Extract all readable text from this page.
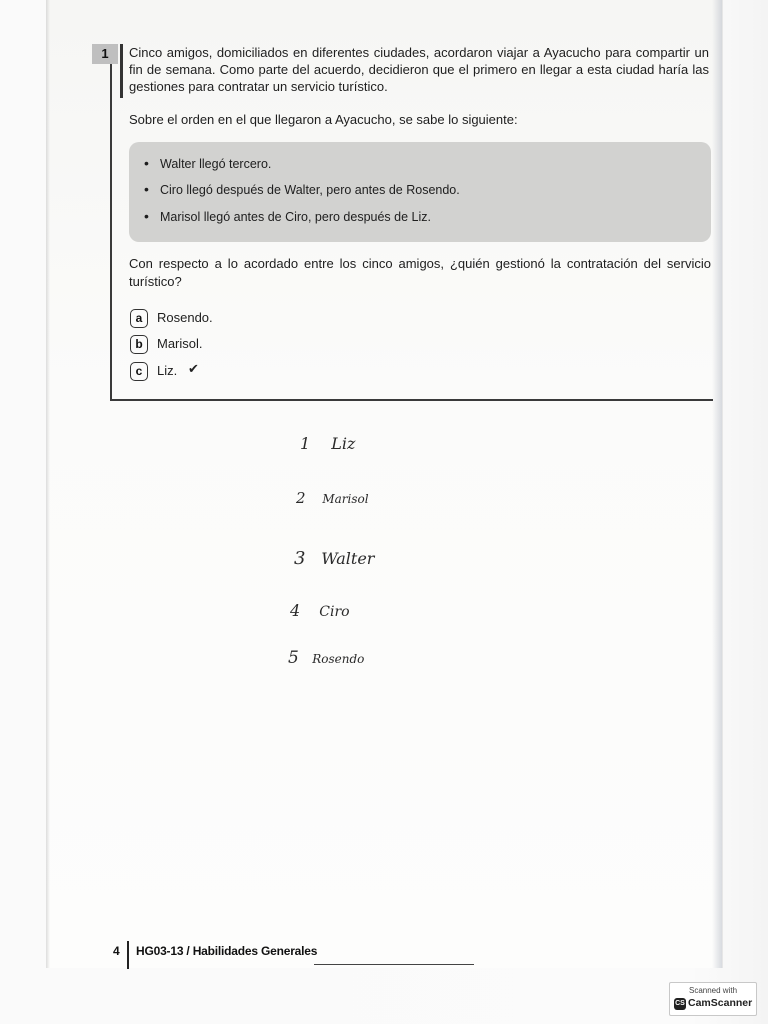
1	Cinco amigos, domiciliados en diferentes ciudades, acordaron viajar a Ayacucho para compartir un fin de semana. Como parte del acuerdo, decidieron que el primero en llegar a esta ciudad haría las gestiones para contratar un servicio turístico.
Sobre el orden en el que llegaron a Ayacucho, se sabe lo siguiente:
• Walter llegó tercero.
• Ciro llegó después de Walter, pero antes de Rosendo.
• Marisol llegó antes de Ciro, pero después de Liz.
Con respecto a lo acordado entre los cinco amigos, ¿quién gestionó la contratación del servicio turístico?
a	Rosendo.
b	Marisol.
c	Liz. ✔
1 Liz
2 Marisol
3 Walter
4 Ciro
5 Rosendo
4 HG03-13 / Habilidades Generales
Scanned with
CS CamScanner
